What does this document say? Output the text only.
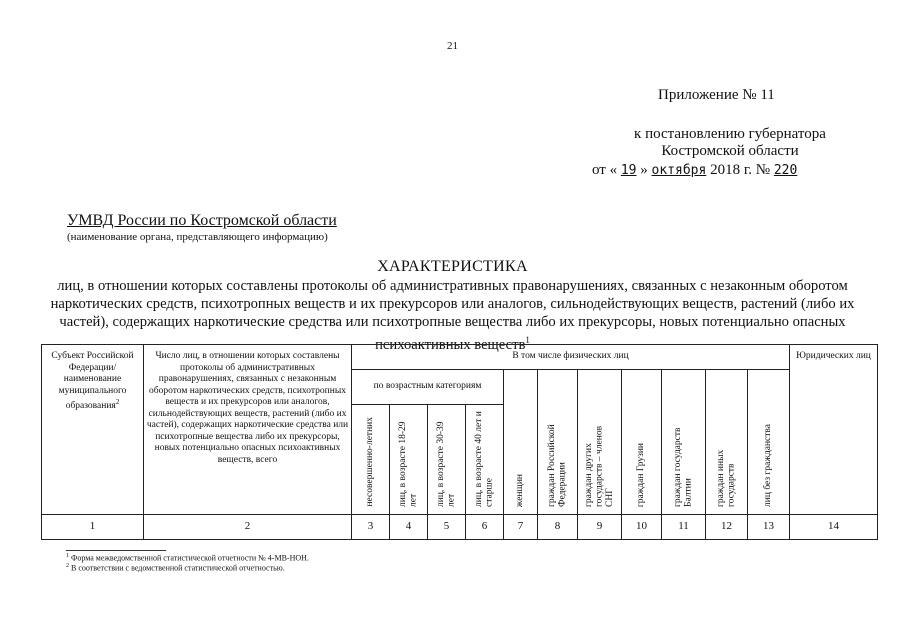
21
Приложение № 11
к постановлению губернатора
Костромской области
от « 19 » октября 2018 г. № 220
УМВД России по Костромской области
(наименование органа, представляющего информацию)
ХАРАКТЕРИСТИКА
лиц, в отношении которых составлены протоколы об административных правонарушениях, связанных с незаконным оборотом наркотических средств, психотропных веществ и их прекурсоров или аналогов, сильнодействующих веществ, растений (либо их частей), содержащих наркотические средства или психотропные вещества либо их прекурсоры, новых потенциально опасных психоактивных веществ$^1$
Субъект Российской Федерации/ наименование муниципального образования$^2$	Число лиц, в отношении которых составлены протоколы об административных правонарушениях, связанных с незаконным оборотом наркотических средств, психотропных веществ и их прекурсоров или аналогов, сильнодействующих веществ, растений (либо их частей), содержащих наркотические средства или психотропные вещества либо их прекурсоры, новых потенциально опасных психоактивных веществ, всего	В том числе физических лиц											Юридических лиц
		по возрастным категориям				женщин	граждан Российской Федерации	граждан других государств – членов СНГ	граждан Грузии	граждан государств Балтии	граждан иных государств	лиц без гражданства	
		несовершенно-летних	лиц, в возрасте 18-29 лет	лиц, в возрасте 30-39 лет	лиц, в возрасте 40 лет и старше								
1	2	3	4	5	6	7	8	9	10	11	12	13	14
$^1$ Форма межведомственной статистической отчетности № 4-МВ-НОН.
$^2$ В соответствии с ведомственной статистической отчетностью.
